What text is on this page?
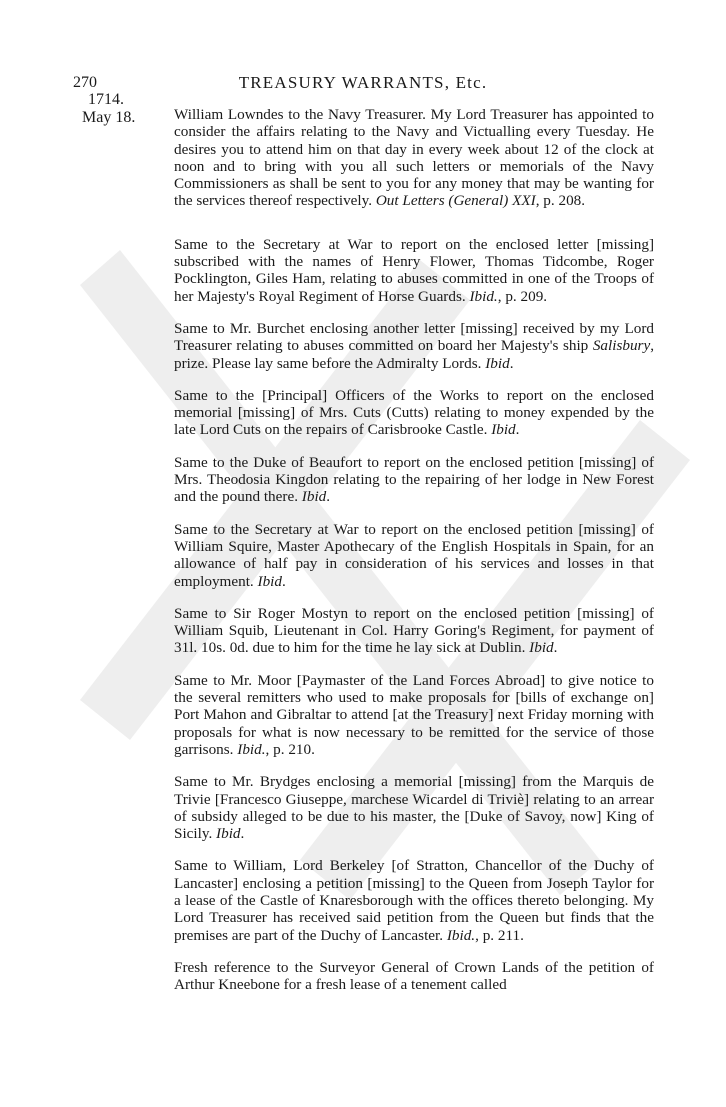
270	TREASURY WARRANTS, Etc.
1714.
May 18.	William Lowndes to the Navy Treasurer. My Lord Treasurer has appointed to consider the affairs relating to the Navy and Victualling every Tuesday. He desires you to attend him on that day in every week about 12 of the clock at noon and to bring with you all such letters or memorials of the Navy Commissioners as shall be sent to you for any money that may be wanting for the services thereof respectively. Out Letters (General) XXI, p. 208.

Same to the Secretary at War to report on the enclosed letter [missing] subscribed with the names of Henry Flower, Thomas Tidcombe, Roger Pocklington, Giles Ham, relating to abuses committed in one of the Troops of her Majesty's Royal Regiment of Horse Guards. Ibid., p. 209.

Same to Mr. Burchet enclosing another letter [missing] received by my Lord Treasurer relating to abuses committed on board her Majesty's ship Salisbury, prize. Please lay same before the Admiralty Lords. Ibid.

Same to the [Principal] Officers of the Works to report on the enclosed memorial [missing] of Mrs. Cuts (Cutts) relating to money expended by the late Lord Cuts on the repairs of Carisbrooke Castle. Ibid.

Same to the Duke of Beaufort to report on the enclosed petition [missing] of Mrs. Theodosia Kingdon relating to the repairing of her lodge in New Forest and the pound there. Ibid.

Same to the Secretary at War to report on the enclosed petition [missing] of William Squire, Master Apothecary of the English Hospitals in Spain, for an allowance of half pay in consideration of his services and losses in that employment. Ibid.

Same to Sir Roger Mostyn to report on the enclosed petition [missing] of William Squib, Lieutenant in Col. Harry Goring's Regiment, for payment of 31l. 10s. 0d. due to him for the time he lay sick at Dublin. Ibid.

Same to Mr. Moor [Paymaster of the Land Forces Abroad] to give notice to the several remitters who used to make proposals for [bills of exchange on] Port Mahon and Gibraltar to attend [at the Treasury] next Friday morning with proposals for what is now necessary to be remitted for the service of those garrisons. Ibid., p. 210.

Same to Mr. Brydges enclosing a memorial [missing] from the Marquis de Trivie [Francesco Giuseppe, marchese Wicardel di Triviè] relating to an arrear of subsidy alleged to be due to his master, the [Duke of Savoy, now] King of Sicily. Ibid.

Same to William, Lord Berkeley [of Stratton, Chancellor of the Duchy of Lancaster] enclosing a petition [missing] to the Queen from Joseph Taylor for a lease of the Castle of Knaresborough with the offices thereto belonging. My Lord Treasurer has received said petition from the Queen but finds that the premises are part of the Duchy of Lancaster. Ibid., p. 211.

Fresh reference to the Surveyor General of Crown Lands of the petition of Arthur Kneebone for a fresh lease of a tenement called
